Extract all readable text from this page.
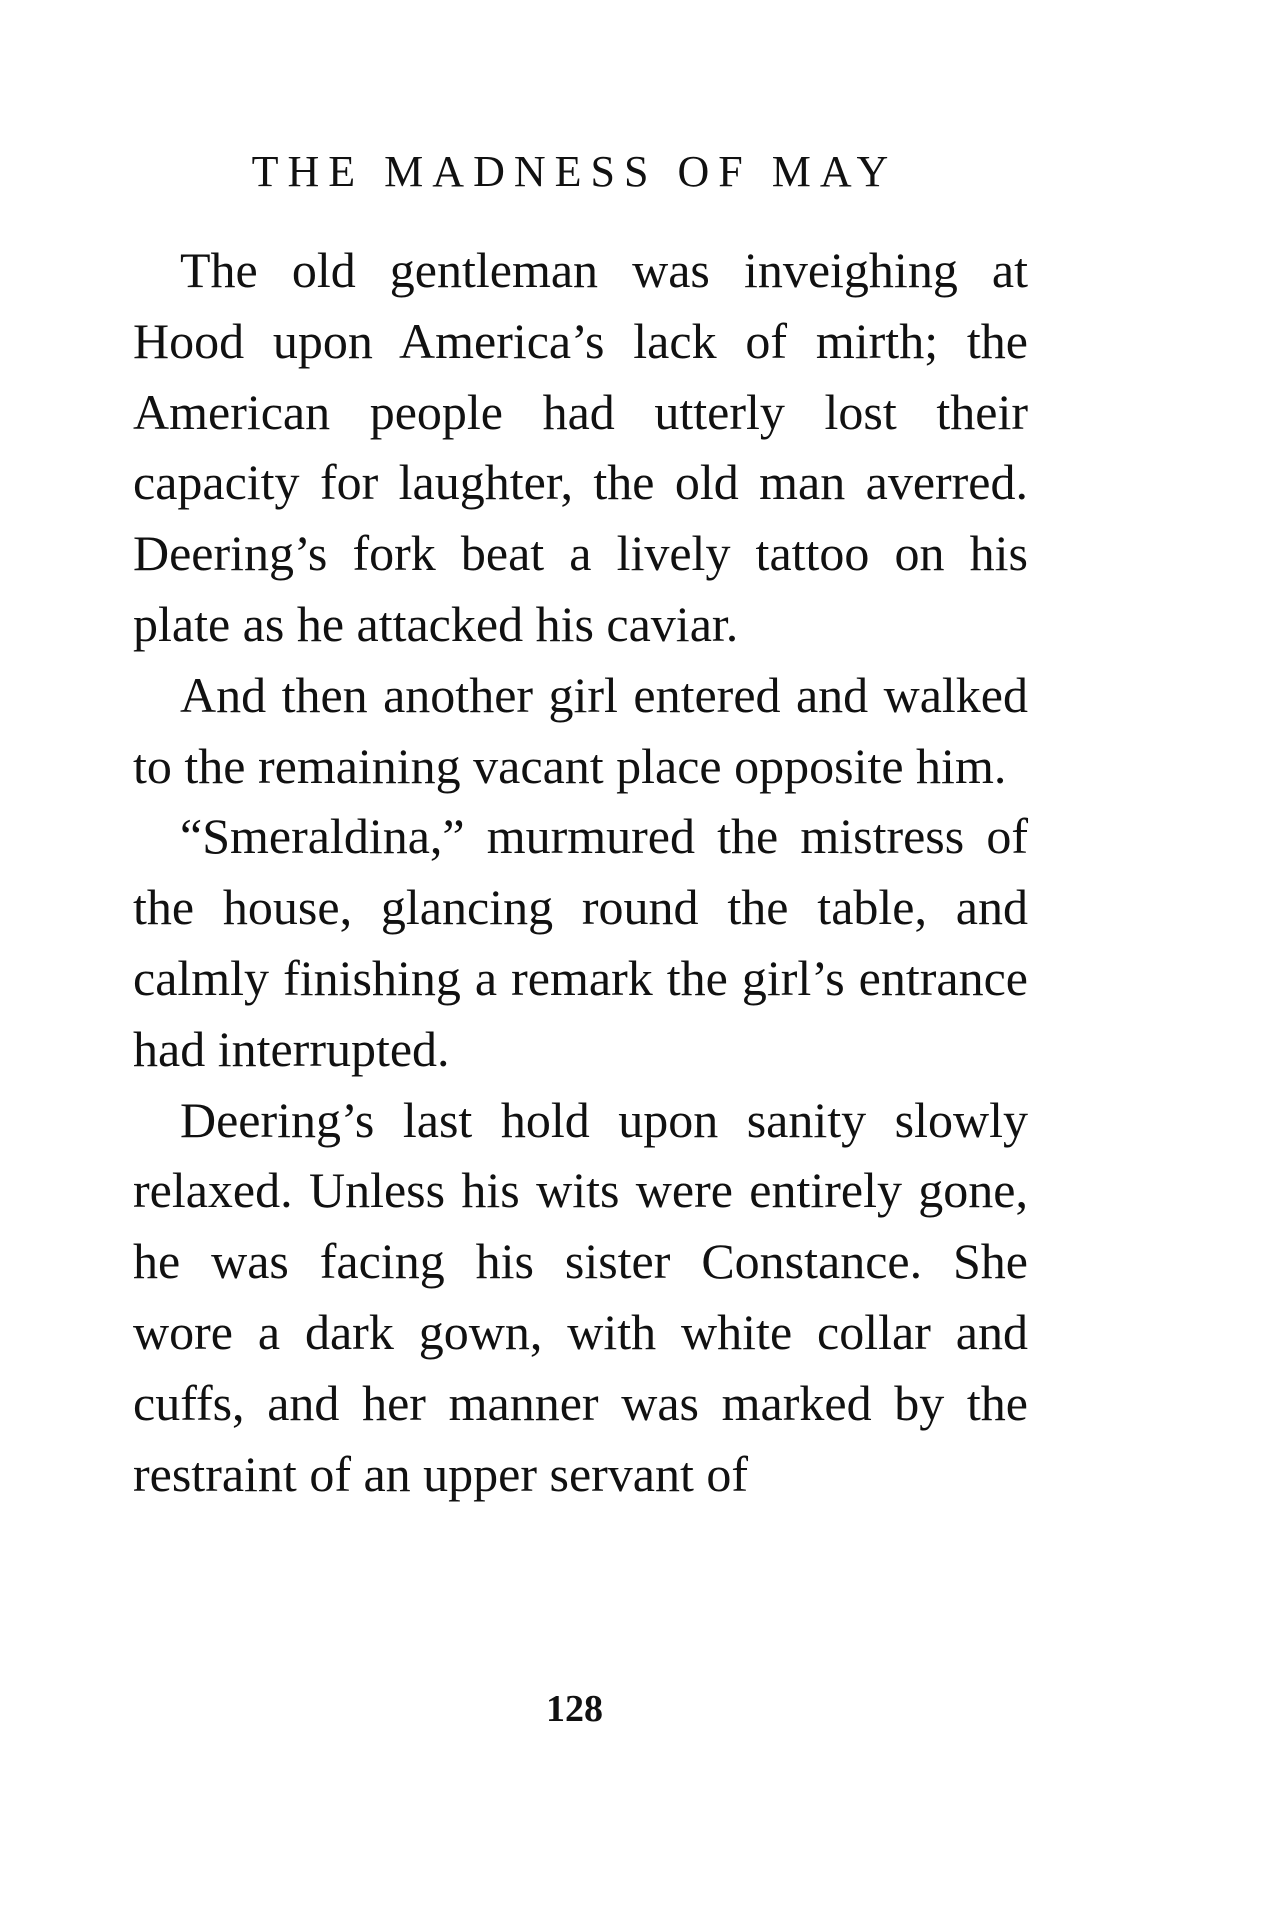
THE MADNESS OF MAY

The old gentleman was inveighing at Hood upon America’s lack of mirth; the American people had utterly lost their capacity for laughter, the old man averred. Deering’s fork beat a lively tattoo on his plate as he attacked his caviar.

And then another girl entered and walked to the remaining vacant place opposite him.

“Smeraldina,” murmured the mistress of the house, glancing round the table, and calmly finishing a remark the girl’s entrance had interrupted.

Deering’s last hold upon sanity slowly relaxed. Unless his wits were entirely gone, he was facing his sister Constance. She wore a dark gown, with white collar and cuffs, and her manner was marked by the restraint of an upper servant of

128
